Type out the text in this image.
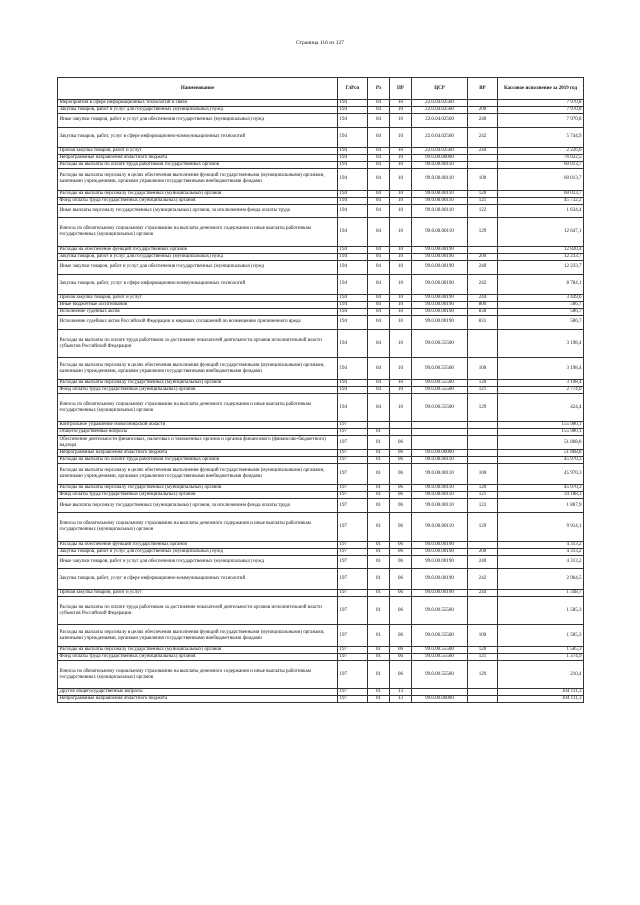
Страница 116 из 127
Наименование	ГлРсп	Рз	ПР	ЦСР	ВР	Кассовое исполнение за 2019 год
Мероприятия в сфере информационных технологий и связи	194	04	10	22.0.04.02560		7 970,8
Закупка товаров, работ и услуг для государственных (муниципальных) нужд	194	04	10	22.0.04.02560	200	7 970,8
Иные закупки товаров, работ и услуг для обеспечения государственных (муниципальных) нужд	194	04	10	22.0.04.02560	240	7 970,8
Закупка товаров, работ, услуг в сфере информационно-коммуникационных технологий	194	04	10	22.0.04.02560	242	5 744,9
Прочая закупка товаров, работ и услуг	194	04	10	22.0.04.02560	244	2 226,0
Непрограммные направления областного бюджета	194	04	10	99.0.00.00000		76 032,5
Расходы на выплаты по оплате труда работников государственных органов	194	04	10	99.0.00.00110		60 013,7
Расходы на выплаты персоналу в целях обеспечения выполнения функций государственными (муниципальными) органами, казенными учреждениями, органами управления государственными внебюджетными фондами	194	04	10	99.0.00.00110	100	60 013,7
Расходы на выплаты персоналу государственных (муниципальных) органов	194	04	10	99.0.00.00110	120	60 013,7
Фонд оплаты труда государственных (муниципальных) органов	194	04	10	99.0.00.00110	121	45 732,2
Иные выплаты персоналу государственных (муниципальных) органов, за исключением фонда оплаты труда	194	04	10	99.0.00.00110	122	1 634,4
Взносы по обязательному социальному страхованию на выплаты денежного содержания и иные выплаты работникам государственных (муниципальных) органов	194	04	10	99.0.00.00110	129	12 647,1
Расходы на обеспечение функций государственных органов	194	04	10	99.0.00.00190		12 820,4
Закупка товаров, работ и услуг для государственных (муниципальных) нужд	194	04	10	99.0.00.00190	200	12 233,7
Иные закупки товаров, работ и услуг для обеспечения государственных (муниципальных) нужд	194	04	10	99.0.00.00190	240	12 233,7
Закупка товаров, работ, услуг в сфере информационно-коммуникационных технологий	194	04	10	99.0.00.00190	242	8 784,1
Прочая закупка товаров, работ и услуг	194	04	10	99.0.00.00190	244	3 449,6
Иные бюджетные ассигнования	194	04	10	99.0.00.00190	800	586,7
Исполнение судебных актов	194	04	10	99.0.00.00190	830	586,7
Исполнение судебных актов Российской Федерации и мировых соглашений по возмещению причиненного вреда	194	04	10	99.0.00.00190	831	586,7
Расходы на выплаты по оплате труда работников за достижение показателей деятельности органов исполнительной власти субъектов Российской Федерации	194	04	10	99.0.00.55500		3 198,4
Расходы на выплаты персоналу в целях обеспечения выполнения функций государственными (муниципальными) органами, казенными учреждениями, органами управления государственными внебюджетными фондами	194	04	10	99.0.00.55500	100	3 198,4
Расходы на выплаты персоналу государственных (муниципальных) органов	194	04	10	99.0.00.55500	120	3 198,4
Фонд оплаты труда государственных (муниципальных) органов	194	04	10	99.0.00.55500	121	2 774,0
Взносы по обязательному социальному страхованию на выплаты денежного содержания и иные выплаты работникам государственных (муниципальных) органов	194	04	10	99.0.00.55500	129	424,4
Контрольное управление Новосибирской области	197					155 980,1
Общегосударственные вопросы	197	01				155 980,1
Обеспечение деятельности финансовых, налоговых и таможенных органов и органов финансового (финансово-бюджетного) надзора	197	01	06			51 868,8
Непрограммные направления областного бюджета	197	01	06	99.0.00.00000		51 868,8
Расходы на выплаты по оплате труда работников государственных органов	197	01	06	99.0.00.00110		45 970,3
Расходы на выплаты персоналу в целях обеспечения выполнения функций государственными (муниципальными) органами, казенными учреждениями, органами управления государственными внебюджетными фондами	197	01	06	99.0.00.00110	100	45 970,3
Расходы на выплаты персоналу государственных (муниципальных) органов	197	01	06	99.0.00.00110	120	45 970,3
Фонд оплаты труда государственных (муниципальных) органов	197	01	06	99.0.00.00110	121	34 188,3
Иные выплаты персоналу государственных (муниципальных) органов, за исключением фонда оплаты труда	197	01	06	99.0.00.00110	122	1 867,9
Взносы по обязательному социальному страхованию на выплаты денежного содержания и иные выплаты работникам государственных (муниципальных) органов	197	01	06	99.0.00.00110	129	9 914,1
Расходы на обеспечение функций государственных органов	197	01	06	99.0.00.00190		4 313,2
Закупка товаров, работ и услуг для государственных (муниципальных) нужд	197	01	06	99.0.00.00190	200	4 313,2
Иные закупки товаров, работ и услуг для обеспечения государственных (муниципальных) нужд	197	01	06	99.0.00.00190	240	4 313,2
Закупка товаров, работ, услуг в сфере информационно-коммуникационных технологий	197	01	06	99.0.00.00190	242	2 964,5
Прочая закупка товаров, работ и услуг	197	01	06	99.0.00.00190	244	1 348,7
Расходы на выплаты по оплате труда работников за достижение показателей деятельности органов исполнительной власти субъектов Российской Федерации	197	01	06	99.0.00.55500		1 585,3
Расходы на выплаты персоналу в целях обеспечения выполнения функций государственными (муниципальными) органами, казенными учреждениями, органами управления государственными внебюджетными фондами	197	01	06	99.0.00.55500	100	1 585,3
Расходы на выплаты персоналу государственных (муниципальных) органов	197	01	06	99.0.00.55500	120	1 585,3
Фонд оплаты труда государственных (муниципальных) органов	197	01	06	99.0.00.55500	121	1 374,9
Взносы по обязательному социальному страхованию на выплаты денежного содержания и иные выплаты работникам государственных (муниципальных) органов	197	01	06	99.0.00.55500	129	210,4
Другие общегосударственные вопросы	197	01	13			104 111,3
Непрограммные направления областного бюджета	197	01	13	99.0.00.00000		104 111,3
